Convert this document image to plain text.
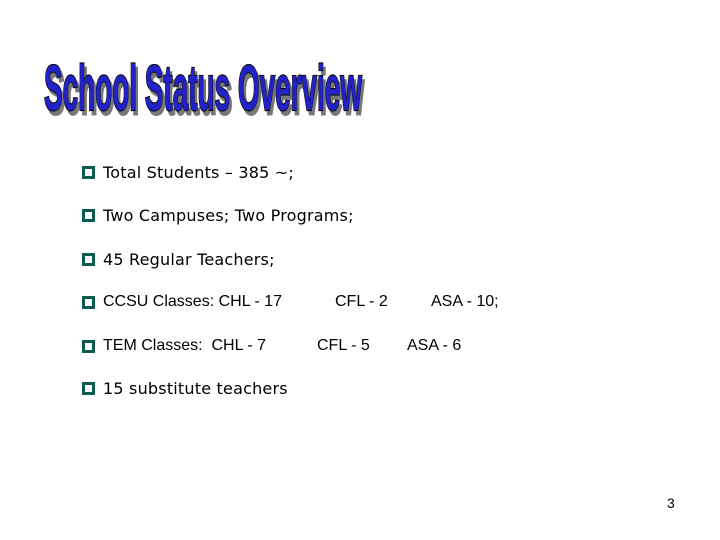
School Status Overview
Total Students – 385 ~;
Two Campuses; Two Programs;
45 Regular Teachers;
CCSU Classes: CHL - 17	CFL - 2	ASA - 10;
TEM Classes:  CHL - 7	CFL - 5	ASA - 6
15 substitute teachers
3
